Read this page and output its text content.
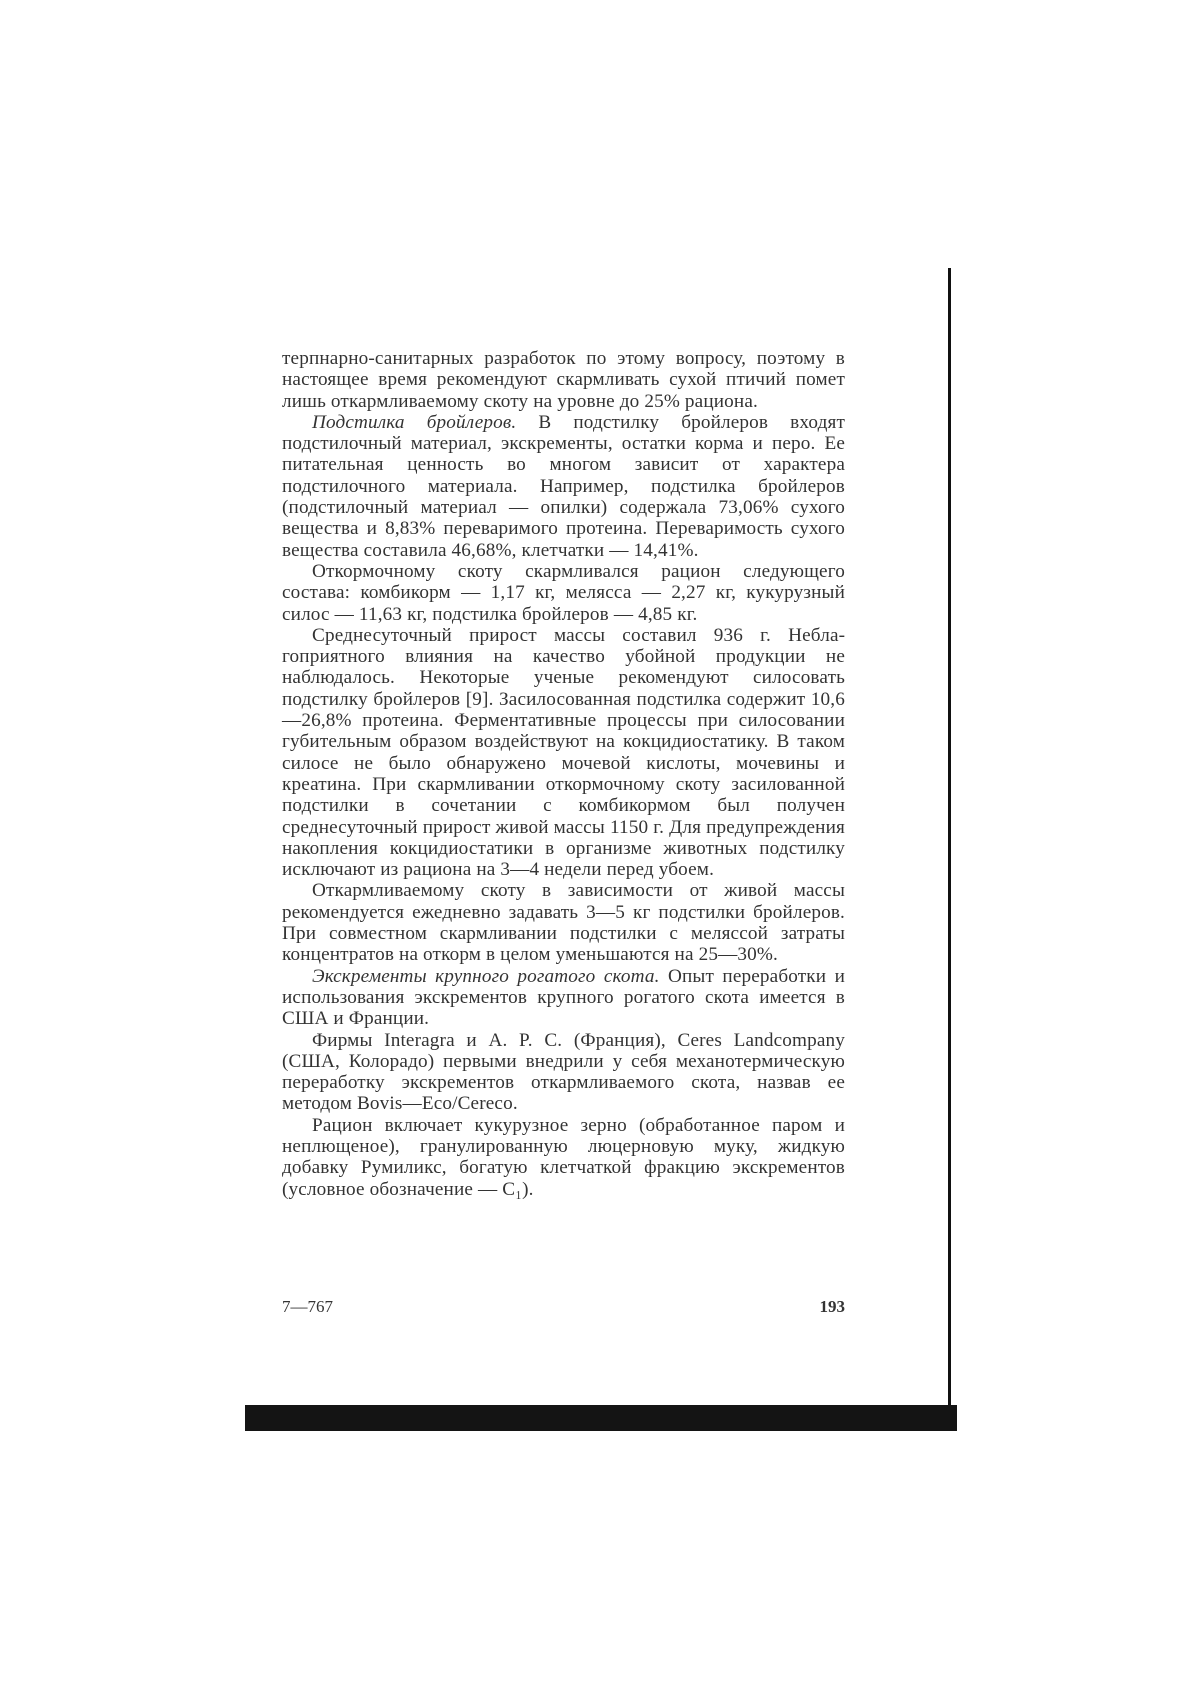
терпнарно-санитарных разработок по этому вопросу, поэтому в настоящее время рекомендуют скармливать сухой птичий помет лишь откармливаемому скоту на уровне до 25% рациона.

Подстилка бройлеров. В подстилку бройлеров входят подстилочный материал, экскременты, остатки корма и перо. Ее питательная ценность во многом зависит от характера подстилочного материала. Например, подстилка бройлеров (подстилочный материал — опилки) содержала 73,06% сухого вещества и 8,83% переваримого протеина. Переваримость сухого вещества составила 46,68%, клетчатки — 14,41%.

Откормочному скоту скармливался рацион следующего состава: комбикорм — 1,17 кг, мелясса — 2,27 кг, кукурузный силос — 11,63 кг, подстилка бройлеров — 4,85 кг.

Среднесуточный прирост массы составил 936 г. Неблагоприятного влияния на качество убойной продукции не наблюдалось. Некоторые ученые рекомендуют силосовать подстилку бройлеров [9]. Засилосованная подстилка содержит 10,6—26,8% протеина. Ферментативные процессы при силосовании губительным образом воздействуют на кокцидиостатику. В таком силосе не было обнаружено мочевой кислоты, мочевины и креатина. При скармливании откормочному скоту засилованной подстилки в сочетании с комбикормом был получен среднесуточный прирост живой массы 1150 г. Для предупреждения накопления кокцидиостатики в организме животных подстилку исключают из рациона на 3—4 недели перед убоем.

Откармливаемому скоту в зависимости от живой массы рекомендуется ежедневно задавать 3—5 кг подстилки бройлеров. При совместном скармливании подстилки с меляссой затраты концентратов на откорм в целом уменьшаются на 25—30%.

Экскременты крупного рогатого скота. Опыт переработки и использования экскрементов крупного рогатого скота имеется в США и Франции.

Фирмы Interagra и A. P. C. (Франция), Ceres Landcompany (США, Колорадо) первыми внедрили у себя механотермическую переработку экскрементов откармливаемого скота, назвав ее методом Bovis—Eco/Cereco.

Рацион включает кукурузное зерно (обработанное паром и неплющеное), гранулированную люцерновую муку, жидкую добавку Румиликс, богатую клетчаткой фракцию экскрементов (условное обозначение — C₁).

7—767	193
